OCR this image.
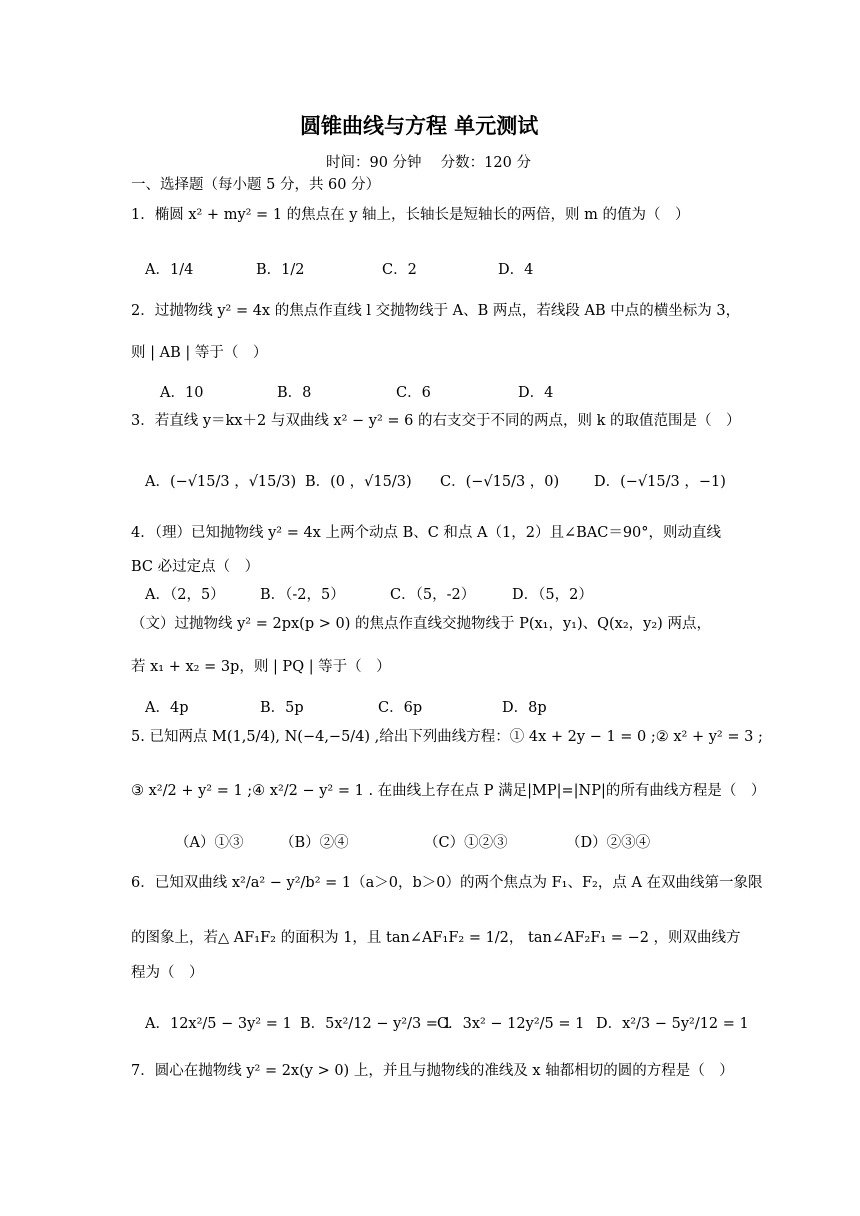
圆锥曲线与方程 单元测试
时间：90 分钟　 分数：120 分
一、选择题（每小题 5 分，共 60 分）
1．椭圆 x² + my² = 1 的焦点在 y 轴上，长轴长是短轴长的两倍，则 m 的值为（　）
A．1/4	B．1/2	C．2	D．4
2．过抛物线 y² = 4x 的焦点作直线 l 交抛物线于 A、B 两点，若线段 AB 中点的横坐标为 3，
则 | AB | 等于（　）
A．10	B．8	C．6	D．4
3．若直线 y＝kx＋2 与双曲线 x² − y² = 6 的右支交于不同的两点，则 k 的取值范围是（　）
A．(−√15/3 ，√15/3) B．(0 ，√15/3) C．(−√15/3 ，0) D．(−√15/3 ，−1)
4．（理）已知抛物线 y² = 4x 上两个动点 B、C 和点 A（1，2）且∠BAC＝90°，则动直线
BC 必过定点（　）
A．（2，5） B．（-2，5）	C．（5，-2）	D．（5，2）
（文）过抛物线 y² = 2px(p > 0) 的焦点作直线交抛物线于 P(x₁，y₁)、Q(x₂，y₂) 两点，
若 x₁ + x₂ = 3p，则 | PQ | 等于（　）
A．4p	B．5p	C．6p	D．8p
5. 已知两点 M(1,5/4), N(−4,−5/4) ,给出下列曲线方程：① 4x + 2y − 1 = 0 ;② x² + y² = 3 ;
③ x²/2 + y² = 1 ;④ x²/2 − y² = 1 . 在曲线上存在点 P 满足|MP|=|NP|的所有曲线方程是（　）
（A）①③	（B）②④	（C）①②③	（D）②③④
6．已知双曲线 x²/a² − y²/b² = 1（a＞0，b＞0）的两个焦点为 F₁、F₂，点 A 在双曲线第一象限
的图象上，若△ AF₁F₂ 的面积为 1，且 tan∠AF₁F₂ = 1/2， tan∠AF₂F₁ = −2 ，则双曲线方
程为（　）
A．12x²/5 − 3y² = 1 B．5x²/12 − y²/3 = 1
C．3x² − 12y²/5 = 1 D．x²/3 − 5y²/12 = 1
7．圆心在抛物线 y² = 2x(y > 0) 上，并且与抛物线的准线及 x 轴都相切的圆的方程是（　）
